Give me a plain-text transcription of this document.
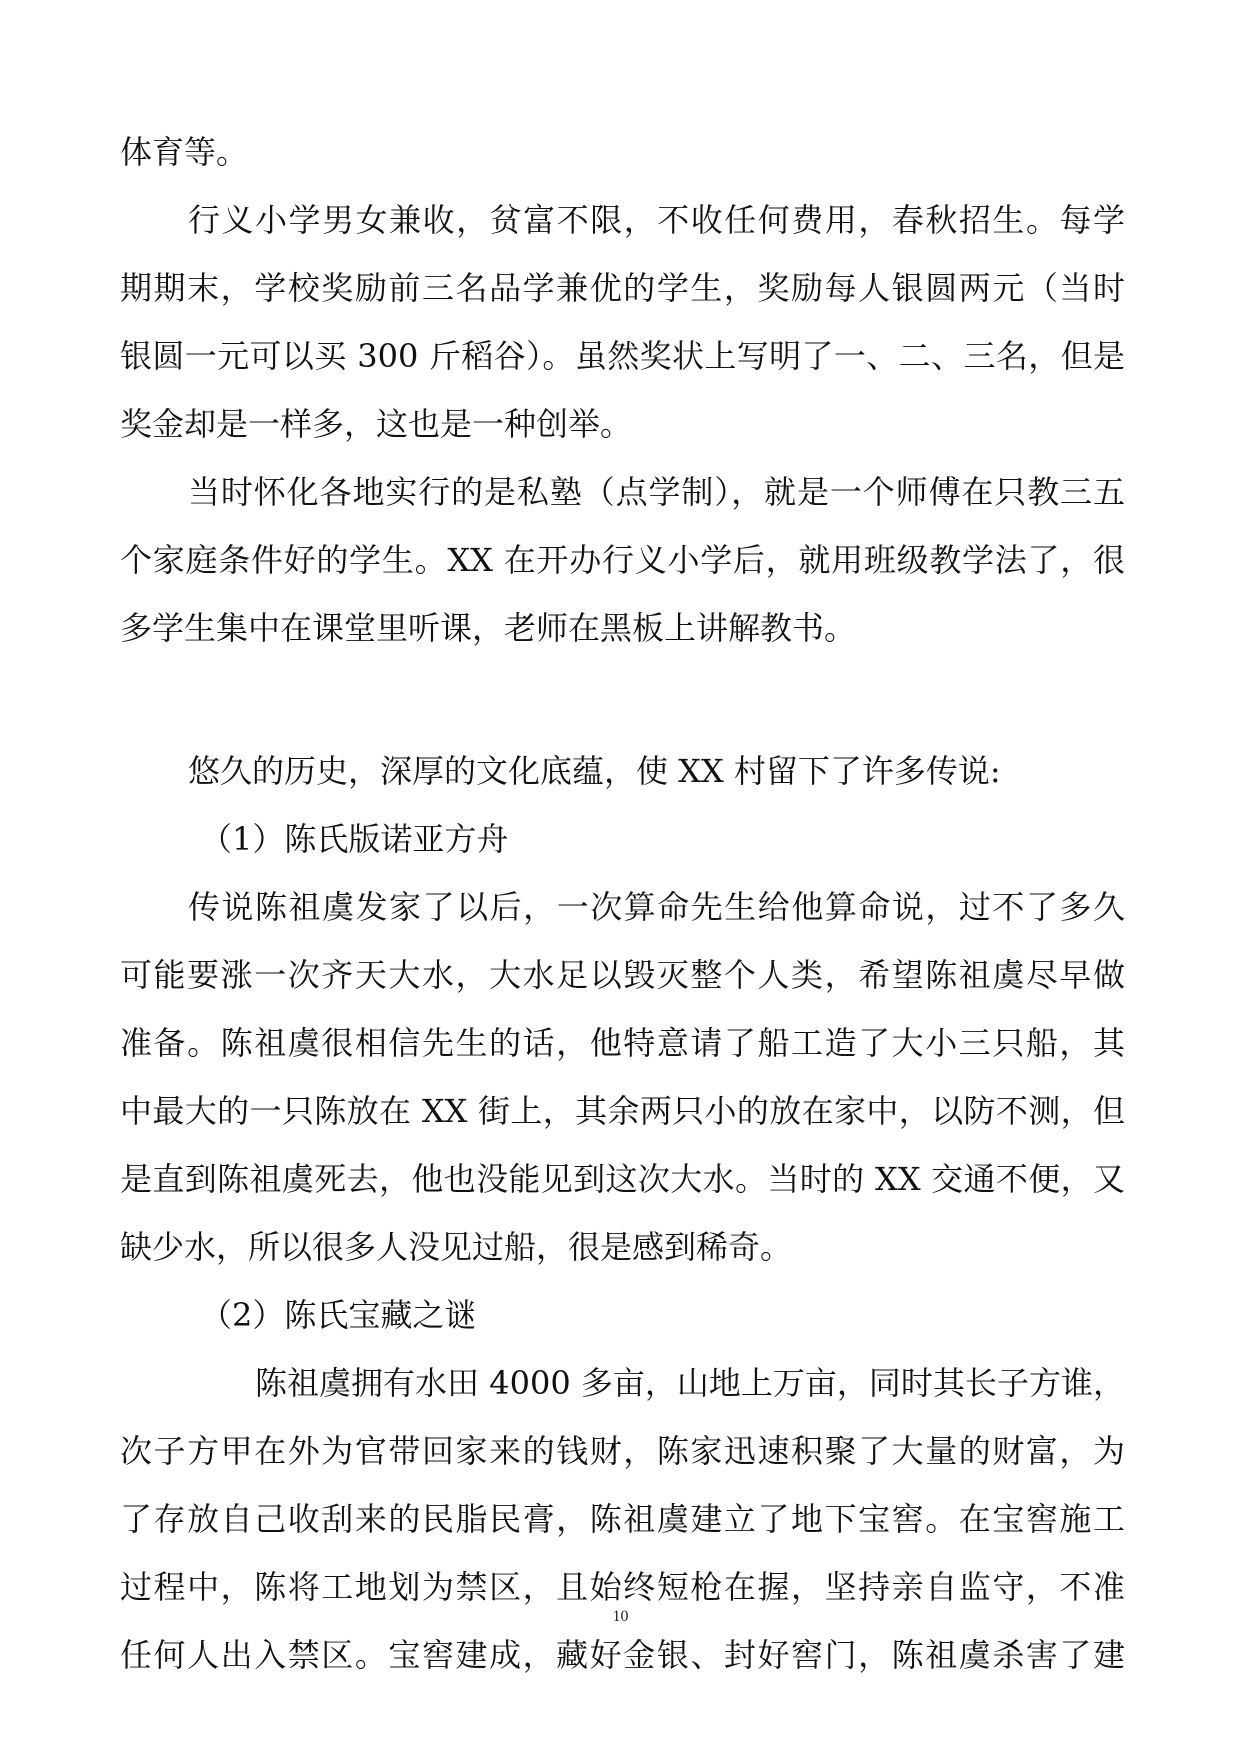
体育等。
行义小学男女兼收，贫富不限，不收任何费用，春秋招生。每学
期期末，学校奖励前三名品学兼优的学生，奖励每人银圆两元（当时
银圆一元可以买 300 斤稻谷）。虽然奖状上写明了一、二、三名，但是
奖金却是一样多，这也是一种创举。
当时怀化各地实行的是私塾（点学制），就是一个师傅在只教三五
个家庭条件好的学生。XX 在开办行义小学后，就用班级教学法了，很
多学生集中在课堂里听课，老师在黑板上讲解教书。
悠久的历史，深厚的文化底蕴，使 XX 村留下了许多传说:
（1）陈氏版诺亚方舟
传说陈祖虞发家了以后，一次算命先生给他算命说，过不了多久
可能要涨一次齐天大水，大水足以毁灭整个人类，希望陈祖虞尽早做
准备。陈祖虞很相信先生的话，他特意请了船工造了大小三只船，其
中最大的一只陈放在 XX 街上，其余两只小的放在家中，以防不测，但
是直到陈祖虞死去，他也没能见到这次大水。当时的 XX 交通不便，又
缺少水，所以很多人没见过船，很是感到稀奇。
（2）陈氏宝藏之谜
陈祖虞拥有水田 4000 多亩，山地上万亩，同时其长子方谁，
次子方甲在外为官带回家来的钱财，陈家迅速积聚了大量的财富，为
了存放自己收刮来的民脂民膏，陈祖虞建立了地下宝窖。在宝窖施工
过程中，陈将工地划为禁区，且始终短枪在握，坚持亲自监守，不准
任何人出入禁区。宝窖建成，藏好金银、封好窖门，陈祖虞杀害了建
10
